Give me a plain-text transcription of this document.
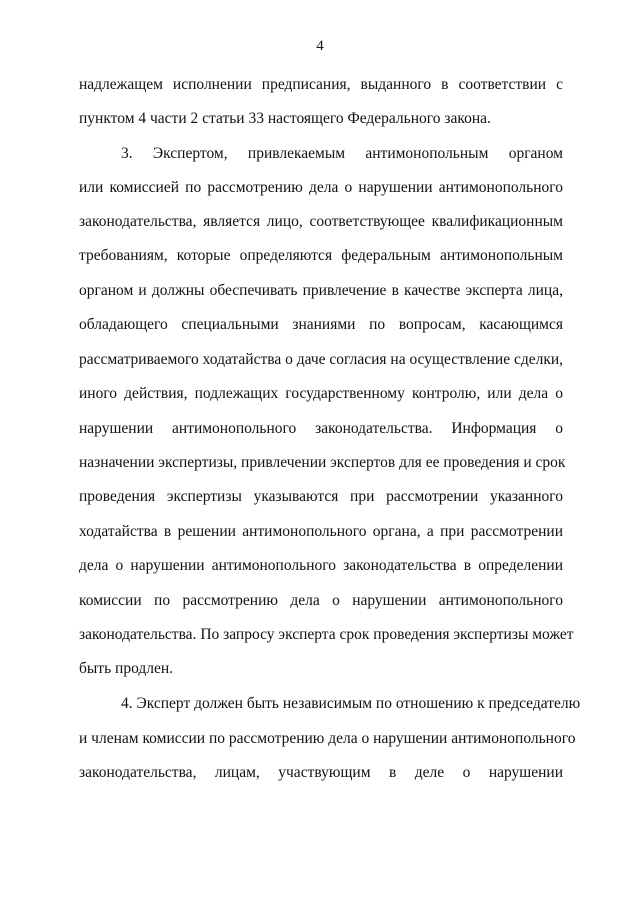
4
надлежащем исполнении предписания, выданного в соответствии с
пунктом 4 части 2 статьи 33 настоящего Федерального закона.
3. Экспертом, привлекаемым антимонопольным органом
или комиссией по рассмотрению дела о нарушении антимонопольного
законодательства, является лицо, соответствующее квалификационным
требованиям, которые определяются федеральным антимонопольным
органом и должны обеспечивать привлечение в качестве эксперта лица,
обладающего специальными знаниями по вопросам, касающимся
рассматриваемого ходатайства о даче согласия на осуществление сделки,
иного действия, подлежащих государственному контролю, или дела о
нарушении антимонопольного законодательства. Информация о
назначении экспертизы, привлечении экспертов для ее проведения и срок
проведения экспертизы указываются при рассмотрении указанного
ходатайства в решении антимонопольного органа, а при рассмотрении
дела о нарушении антимонопольного законодательства в определении
комиссии по рассмотрению дела о нарушении антимонопольного
законодательства. По запросу эксперта срок проведения экспертизы может
быть продлен.
4. Эксперт должен быть независимым по отношению к председателю
и членам комиссии по рассмотрению дела о нарушении антимонопольного
законодательства, лицам, участвующим в деле о нарушении
